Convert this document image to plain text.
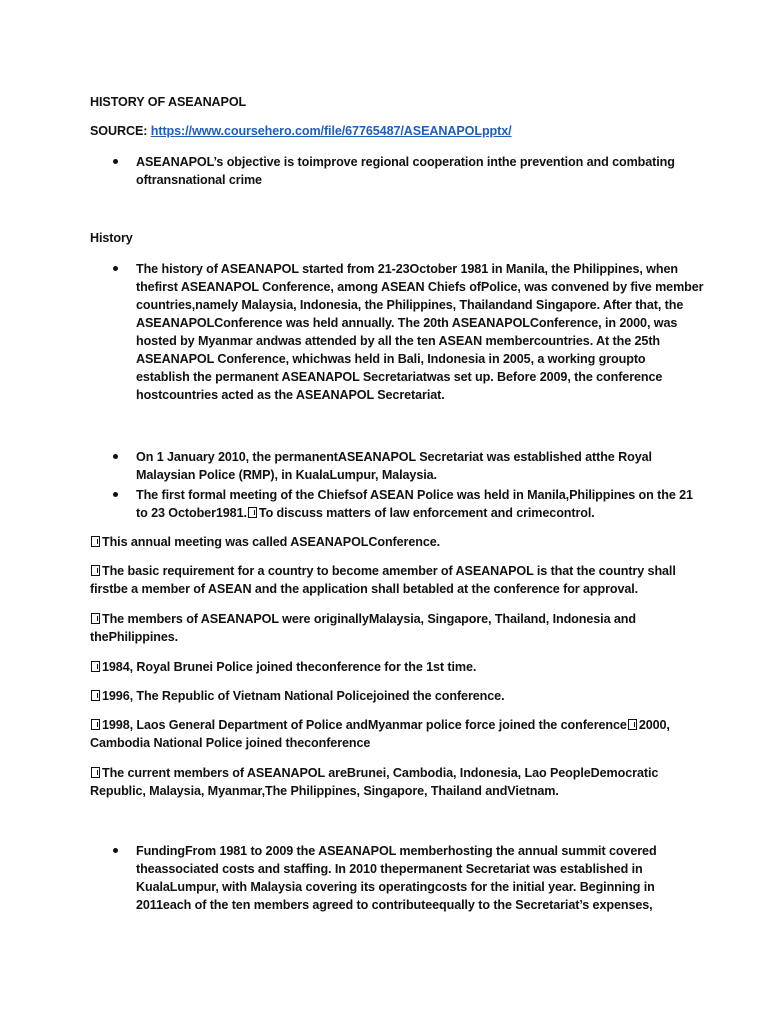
HISTORY OF ASEANAPOL
SOURCE: https://www.coursehero.com/file/67765487/ASEANAPOLpptx/
ASEANAPOL’s objective is toimprove regional cooperation inthe prevention and combating
oftransnational crime
History
The history of ASEANAPOL started from 21-23October 1981 in Manila, the Philippines, when
thefirst ASEANAPOL Conference, among ASEAN Chiefs ofPolice, was convened by five member
countries,namely Malaysia, Indonesia, the Philippines, Thailandand Singapore. After that, the
ASEANAPOLConference was held annually. The 20th ASEANAPOLConference, in 2000, was
hosted by Myanmar andwas attended by all the ten ASEAN membercountries. At the 25th
ASEANAPOL Conference, whichwas held in Bali, Indonesia in 2005, a working groupto
establish the permanent ASEANAPOL Secretariatwas set up. Before 2009, the conference
hostcountries acted as the ASEANAPOL Secretariat.
On 1 January 2010, the permanentASEANAPOL Secretariat was established atthe Royal
Malaysian Police (RMP), in KualaLumpur, Malaysia.
The first formal meeting of the Chiefsof ASEAN Police was held in Manila,Philippines on the 21
to 23 October1981. To discuss matters of law enforcement and crimecontrol.
This annual meeting was called ASEANAPOLConference.
The basic requirement for a country to become amember of ASEANAPOL is that the country shall
firstbe a member of ASEAN and the application shall betabled at the conference for approval.
The members of ASEANAPOL were originallyMalaysia, Singapore, Thailand, Indonesia and
thePhilippines.
1984, Royal Brunei Police joined theconference for the 1st time.
1996, The Republic of Vietnam National Policejoined the conference.
1998, Laos General Department of Police andMyanmar police force joined the conference 2000,
Cambodia National Police joined theconference
The current members of ASEANAPOL areBrunei, Cambodia, Indonesia, Lao PeopleDemocratic
Republic, Malaysia, Myanmar,The Philippines, Singapore, Thailand andVietnam.
FundingFrom 1981 to 2009 the ASEANAPOL memberhosting the annual summit covered
theassociated costs and staffing. In 2010 thepermanent Secretariat was established in
KualaLumpur, with Malaysia covering its operatingcosts for the initial year. Beginning in
2011each of the ten members agreed to contributeequally to the Secretariat’s expenses,
